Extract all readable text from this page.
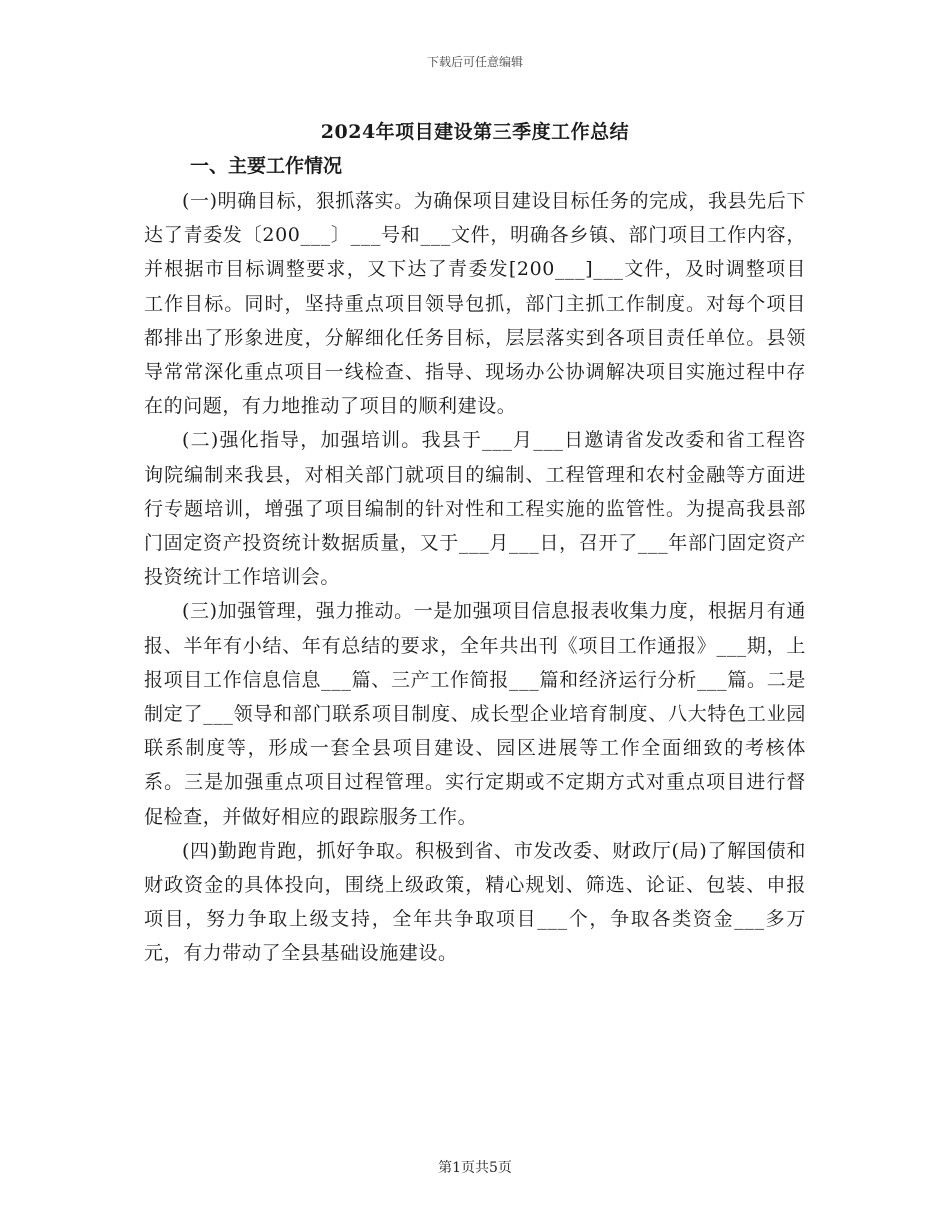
下载后可任意编辑
2024年项目建设第三季度工作总结
一、主要工作情况

(一)明确目标，狠抓落实。为确保项目建设目标任务的完成，我县先后下达了青委发〔200___〕___号和___文件，明确各乡镇、部门项目工作内容，并根据市目标调整要求，又下达了青委发[200___]___文件，及时调整项目工作目标。同时，坚持重点项目领导包抓，部门主抓工作制度。对每个项目都排出了形象进度，分解细化任务目标，层层落实到各项目责任单位。县领导常常深化重点项目一线检查、指导、现场办公协调解决项目实施过程中存在的问题，有力地推动了项目的顺利建设。

(二)强化指导，加强培训。我县于___月___日邀请省发改委和省工程咨询院编制来我县，对相关部门就项目的编制、工程管理和农村金融等方面进行专题培训，增强了项目编制的针对性和工程实施的监管性。为提高我县部门固定资产投资统计数据质量，又于___月___日，召开了___年部门固定资产投资统计工作培训会。

(三)加强管理，强力推动。一是加强项目信息报表收集力度，根据月有通报、半年有小结、年有总结的要求，全年共出刊《项目工作通报》___期，上报项目工作信息信息___篇、三产工作简报___篇和经济运行分析___篇。二是制定了___领导和部门联系项目制度、成长型企业培育制度、八大特色工业园联系制度等，形成一套全县项目建设、园区进展等工作全面细致的考核体系。三是加强重点项目过程管理。实行定期或不定期方式对重点项目进行督促检查，并做好相应的跟踪服务工作。

(四)勤跑肯跑，抓好争取。积极到省、市发改委、财政厅(局)了解国债和财政资金的具体投向，围绕上级政策，精心规划、筛选、论证、包装、申报项目，努力争取上级支持，全年共争取项目___个，争取各类资金___多万元，有力带动了全县基础设施建设。

第1页共5页
